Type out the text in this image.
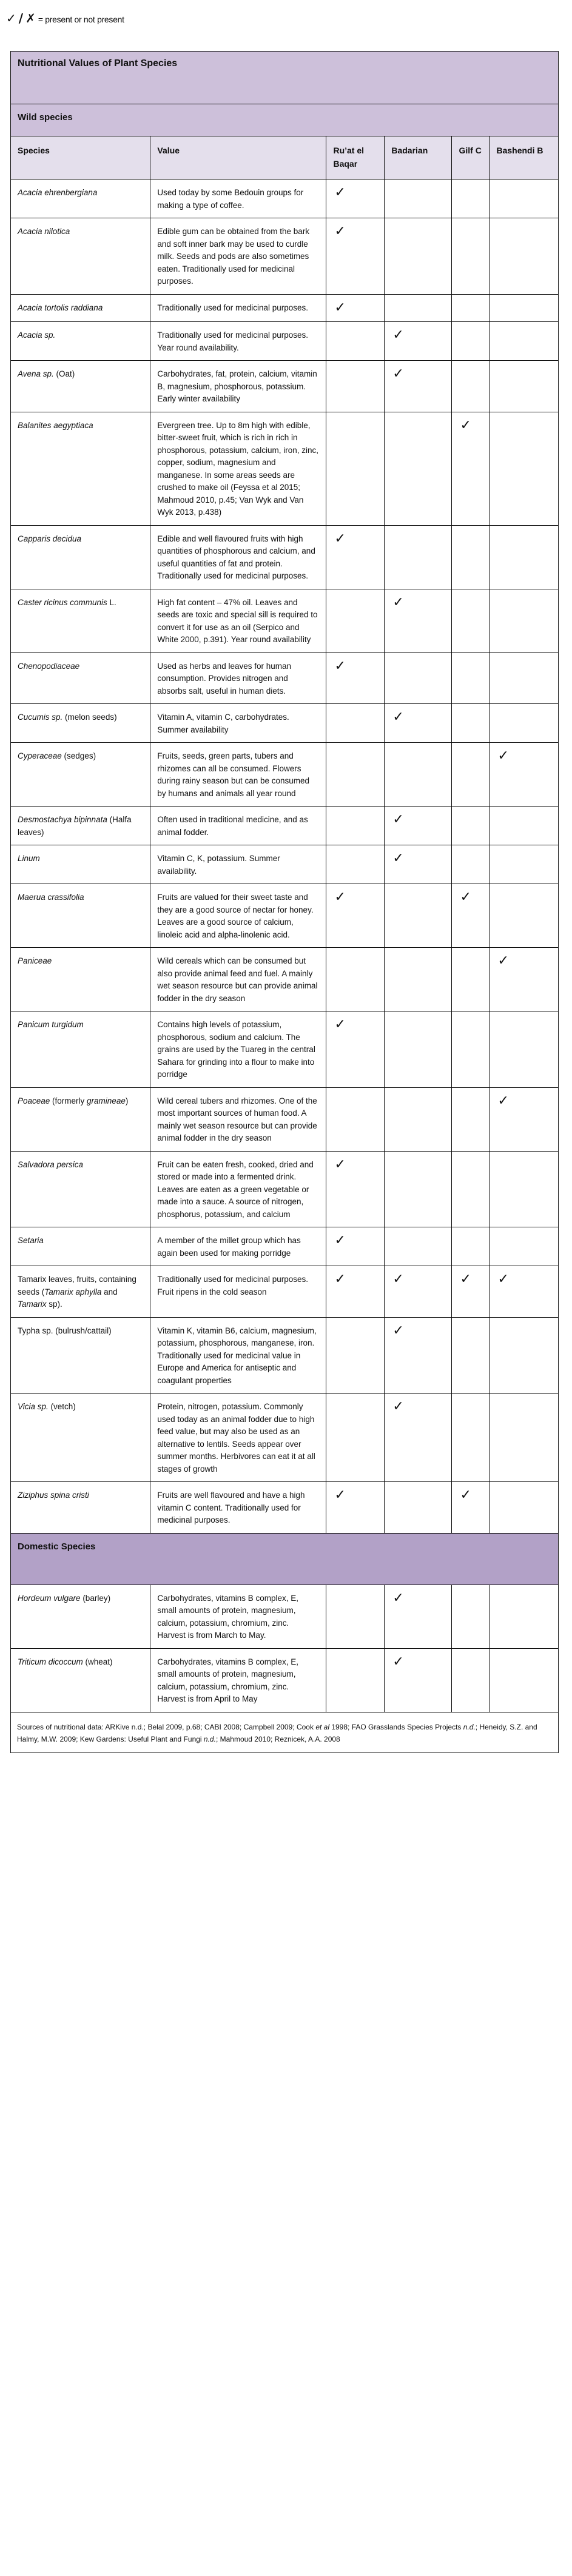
✓ / ✗ = present or not present
Nutritional Values of Plant Species					
Wild species					
Species	Value	Ru’at el Baqar	Badarian	Gilf C	Bashendi B
Acacia ehrenbergiana	Used today by some Bedouin groups for making a type of coffee.	✓			
Acacia nilotica	Edible gum can be obtained from the bark and soft inner bark may be used to curdle milk. Seeds and pods are also sometimes eaten. Traditionally used for medicinal purposes.	✓			
Acacia tortolis raddiana	Traditionally used for medicinal purposes.	✓			
Acacia sp.	Traditionally used for medicinal purposes. Year round availability.		✓		
Avena sp. (Oat)	Carbohydrates, fat, protein, calcium, vitamin B, magnesium, phosphorous, potassium. Early winter availability		✓		
Balanites aegyptiaca	Evergreen tree. Up to 8m high with edible, bitter-sweet fruit, which is rich in rich in phosphorous, potassium, calcium, iron, zinc, copper, sodium, magnesium and manganese. In some areas seeds are crushed to make oil (Feyssa et al 2015; Mahmoud 2010, p.45; Van Wyk and Van Wyk 2013, p.438)			✓	
Capparis decidua	Edible and well flavoured fruits with high quantities of phosphorous and calcium, and useful quantities of fat and protein. Traditionally used for medicinal purposes.	✓			
Caster ricinus communis L.	High fat content – 47% oil. Leaves and seeds are toxic and special sill is required to convert it for use as an oil (Serpico and White 2000, p.391). Year round availability		✓		
Chenopodiaceae	Used as herbs and leaves for human consumption. Provides nitrogen and absorbs salt, useful in human diets.	✓			
Cucumis sp. (melon seeds)	Vitamin A, vitamin C, carbohydrates. Summer availability		✓		
Cyperaceae (sedges)	Fruits, seeds, green parts, tubers and rhizomes can all be consumed. Flowers during rainy season but can be consumed by humans and animals all year round				✓
Desmostachya bipinnata (Halfa leaves)	Often used in traditional medicine, and as animal fodder.		✓		
Linum	Vitamin C, K, potassium. Summer availability.		✓		
Maerua crassifolia	Fruits are valued for their sweet taste and they are a good source of nectar for honey. Leaves are a good source of calcium, linoleic acid and alpha-linolenic acid.	✓		✓	
Paniceae	Wild cereals which can be consumed but also provide animal feed and fuel. A mainly wet season resource but can provide animal fodder in the dry season				✓
Panicum turgidum	Contains high levels of potassium, phosphorous, sodium and calcium. The grains are used by the Tuareg in the central Sahara for grinding into a flour to make into porridge	✓			
Poaceae (formerly gramineae)	Wild cereal tubers and rhizomes. One of the most important sources of human food. A mainly wet season resource but can provide animal fodder in the dry season				✓
Salvadora persica	Fruit can be eaten fresh, cooked, dried and stored or made into a fermented drink. Leaves are eaten as a green vegetable or made into a sauce. A source of nitrogen, phosphorus, potassium, and calcium	✓			
Setaria	A member of the millet group which has again been used for making porridge	✓			
Tamarix leaves, fruits, containing seeds (Tamarix aphylla and Tamarix sp).	Traditionally used for medicinal purposes. Fruit ripens in the cold season	✓	✓	✓	✓
Typha sp. (bulrush/cattail)	Vitamin K, vitamin B6, calcium, magnesium, potassium, phosphorous, manganese, iron. Traditionally used for medicinal value in Europe and America for antiseptic and coagulant properties		✓		
Vicia sp. (vetch)	Protein, nitrogen, potassium. Commonly used today as an animal fodder due to high feed value, but may also be used as an alternative to lentils. Seeds appear over summer months. Herbivores can eat it at all stages of growth		✓		
Ziziphus spina cristi	Fruits are well flavoured and have a high vitamin C content. Traditionally used for medicinal purposes.	✓		✓	
Domestic Species					
Hordeum vulgare (barley)	Carbohydrates, vitamins B complex, E, small amounts of protein, magnesium, calcium, potassium, chromium, zinc. Harvest is from March to May.		✓		
Triticum dicoccum (wheat)	Carbohydrates, vitamins B complex, E, small amounts of protein, magnesium, calcium, potassium, chromium, zinc. Harvest is from April to May		✓		
Sources of nutritional data: ARKive n.d.; Belal 2009, p.68; CABI 2008; Campbell 2009; Cook et al 1998; FAO Grasslands Species Projects n.d.; Heneidy, S.Z. and Halmy, M.W. 2009; Kew Gardens: Useful Plant and Fungi n.d.; Mahmoud 2010; Reznicek, A.A. 2008					
